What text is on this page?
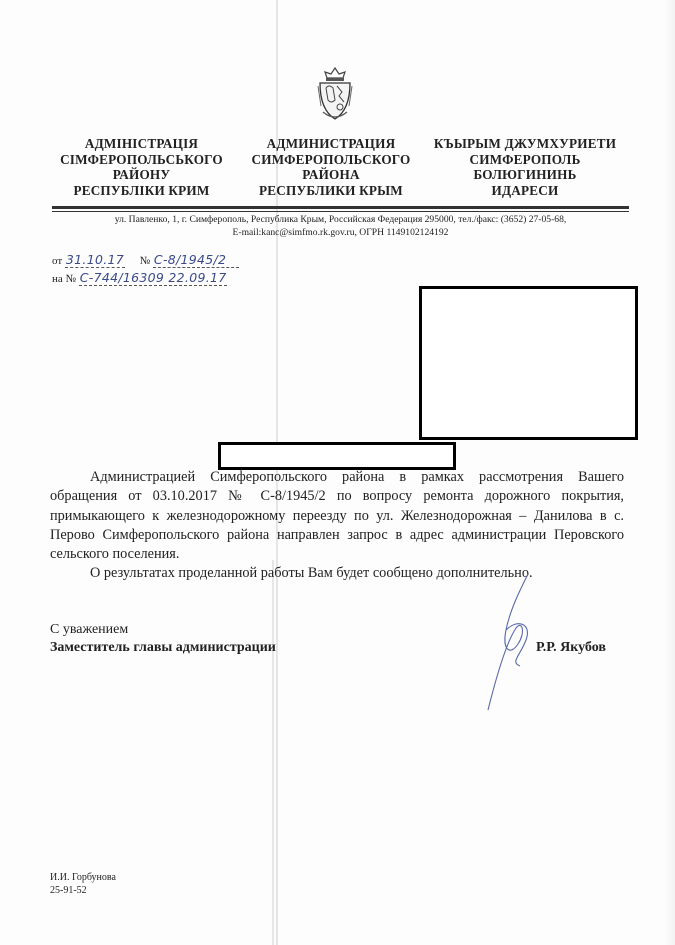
АДМІНІСТРАЦІЯ
СІМФЕРОПОЛЬСЬКОГО
РАЙОНУ
РЕСПУБЛІКИ КРИМ
АДМИНИСТРАЦИЯ
СИМФЕРОПОЛЬСКОГО
РАЙОНА
РЕСПУБЛИКИ КРЫМ
КЪЫРЫМ ДЖУМХУРИЕТИ
СИМФЕРОПОЛЬ
БОЛЮГИНИНЬ
ИДАРЕСИ
ул. Павленко, 1, г. Симферополь, Республика Крым, Российская Федерация 295000, тел./факс: (3652) 27-05-68,
E-mail:kanc@simfmo.rk.gov.ru, ОГРН 1149102124192
от 31.10.17 № С-8/1945/2
на № С-744/16309 22.09.17

Администрацией Симферопольского района в рамках рассмотрения Вашего обращения от 03.10.2017 № С-8/1945/2 по вопросу ремонта дорожного покрытия, примыкающего к железнодорожному переезду по ул. Железнодорожная – Данилова в с. Перово Симферопольского района направлен запрос в адрес администрации Перовского сельского поселения.

О результатах проделанной работы Вам будет сообщено дополнительно.

С уважением
Заместитель главы администрации	Р.Р. Якубов
И.И. Горбунова
25-91-52
